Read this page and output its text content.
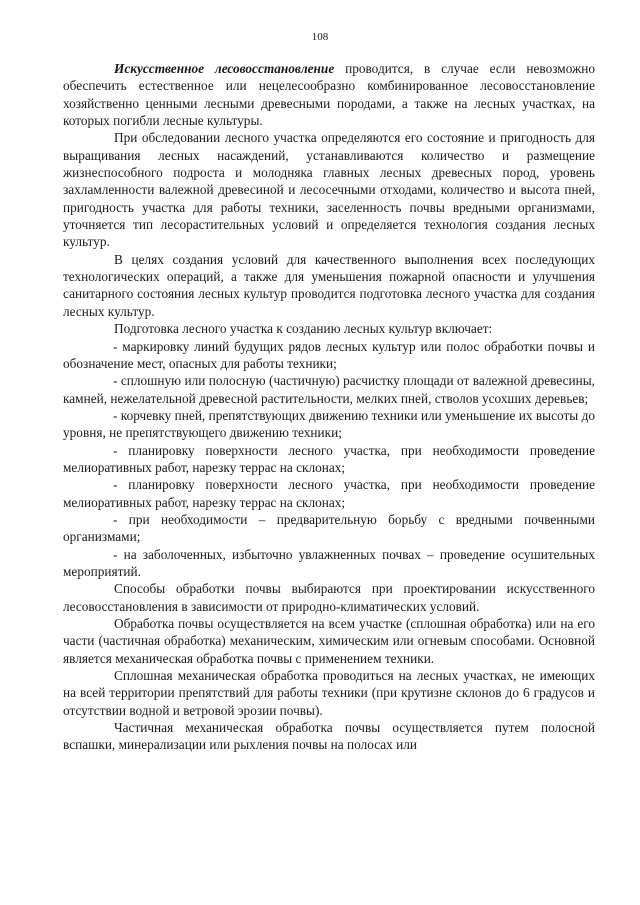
108

Искусственное лесовосстановление проводится, в случае если невозможно обеспечить естественное или нецелесообразно комбинированное лесовосстановление хозяйственно ценными лесными древесными породами, а также на лесных участках, на которых погибли лесные культуры.

При обследовании лесного участка определяются его состояние и пригодность для выращивания лесных насаждений, устанавливаются количество и размещение жизнеспособного подроста и молодняка главных лесных древесных пород, уровень захламленности валежной древесиной и лесосечными отходами, количество и высота пней, пригодность участка для работы техники, заселенность почвы вредными организмами, уточняется тип лесорастительных условий и определяется технология создания лесных культур.

В целях создания условий для качественного выполнения всех последующих технологических операций, а также для уменьшения пожарной опасности и улучшения санитарного состояния лесных культур проводится подготовка лесного участка для создания лесных культур.

Подготовка лесного участка к созданию лесных культур включает:

- маркировку линий будущих рядов лесных культур или полос обработки почвы и обозначение мест, опасных для работы техники;

- сплошную или полосную (частичную) расчистку площади от валежной древесины, камней, нежелательной древесной растительности, мелких пней, стволов усохших деревьев;

- корчевку пней, препятствующих движению техники или уменьшение их высоты до уровня, не препятствующего движению техники;

- планировку поверхности лесного участка, при необходимости проведение мелиоративных работ, нарезку террас на склонах;

- планировку поверхности лесного участка, при необходимости проведение мелиоративных работ, нарезку террас на склонах;

- при необходимости – предварительную борьбу с вредными почвенными организмами;

- на заболоченных, избыточно увлажненных почвах – проведение осушительных мероприятий.

Способы обработки почвы выбираются при проектировании искусственного лесовосстановления в зависимости от природно-климатических условий.

Обработка почвы осуществляется на всем участке (сплошная обработка) или на его части (частичная обработка) механическим, химическим или огневым способами. Основной является механическая обработка почвы с применением техники.

Сплошная механическая обработка проводиться на лесных участках, не имеющих на всей территории препятствий для работы техники (при крутизне склонов до 6 градусов и отсутствии водной и ветровой эрозии почвы).

Частичная механическая обработка почвы осуществляется путем полосной вспашки, минерализации или рыхления почвы на полосах или
